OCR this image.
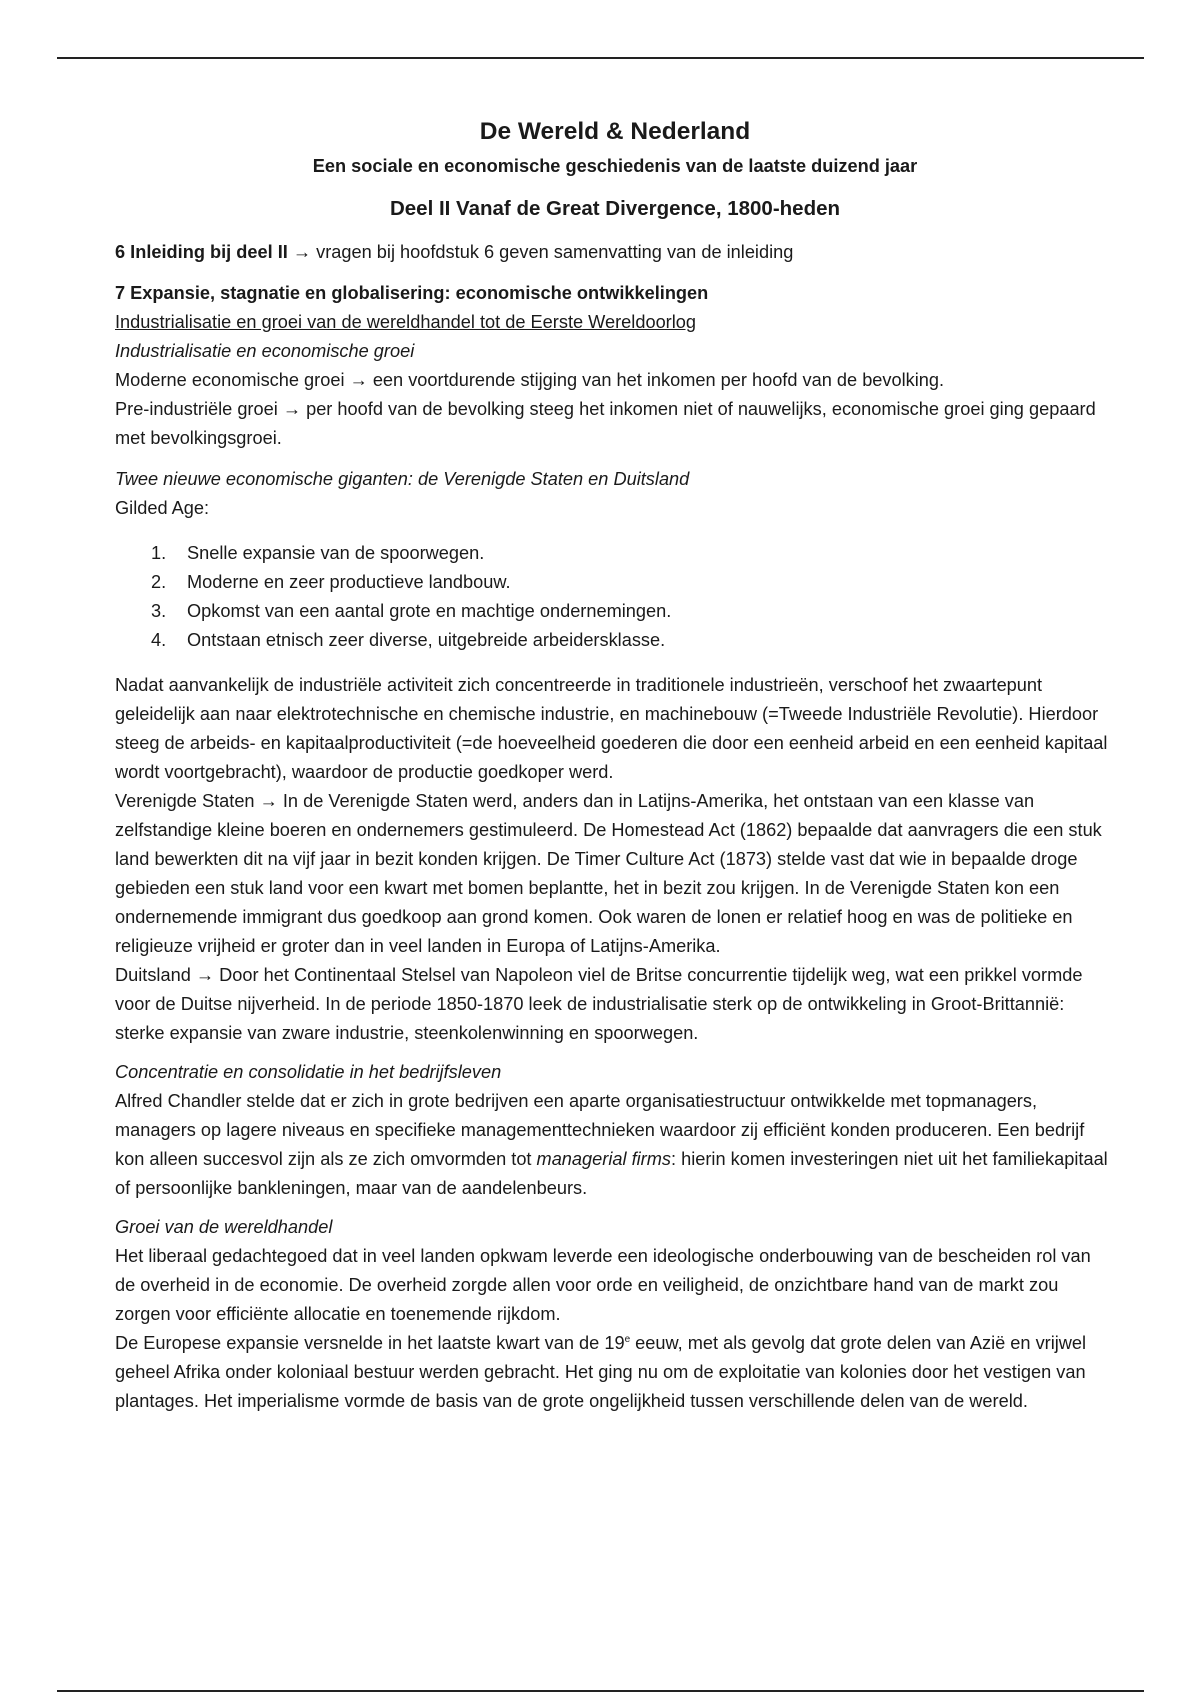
De Wereld & Nederland

Een sociale en economische geschiedenis van de laatste duizend jaar

Deel II Vanaf de Great Divergence, 1800-heden

6 Inleiding bij deel II → vragen bij hoofdstuk 6 geven samenvatting van de inleiding

7 Expansie, stagnatie en globalisering: economische ontwikkelingen

Industrialisatie en groei van de wereldhandel tot de Eerste Wereldoorlog

Industrialisatie en economische groei

Moderne economische groei → een voortdurende stijging van het inkomen per hoofd van de bevolking.

Pre-industriële groei → per hoofd van de bevolking steeg het inkomen niet of nauwelijks, economische groei ging gepaard met bevolkingsgroei.

Twee nieuwe economische giganten: de Verenigde Staten en Duitsland

Gilded Age:

1. Snelle expansie van de spoorwegen.
2. Moderne en zeer productieve landbouw.
3. Opkomst van een aantal grote en machtige ondernemingen.
4. Ontstaan etnisch zeer diverse, uitgebreide arbeidersklasse.

Nadat aanvankelijk de industriële activiteit zich concentreerde in traditionele industrieën, verschoof het zwaartepunt geleidelijk aan naar elektrotechnische en chemische industrie, en machinebouw (=Tweede Industriële Revolutie). Hierdoor steeg de arbeids- en kapitaalproductiviteit (=de hoeveelheid goederen die door een eenheid arbeid en een eenheid kapitaal wordt voortgebracht), waardoor de productie goedkoper werd.

Verenigde Staten → In de Verenigde Staten werd, anders dan in Latijns-Amerika, het ontstaan van een klasse van zelfstandige kleine boeren en ondernemers gestimuleerd. De Homestead Act (1862) bepaalde dat aanvragers die een stuk land bewerkten dit na vijf jaar in bezit konden krijgen. De Timer Culture Act (1873) stelde vast dat wie in bepaalde droge gebieden een stuk land voor een kwart met bomen beplantte, het in bezit zou krijgen. In de Verenigde Staten kon een ondernemende immigrant dus goedkoop aan grond komen. Ook waren de lonen er relatief hoog en was de politieke en religieuze vrijheid er groter dan in veel landen in Europa of Latijns-Amerika.

Duitsland → Door het Continentaal Stelsel van Napoleon viel de Britse concurrentie tijdelijk weg, wat een prikkel vormde voor de Duitse nijverheid. In de periode 1850-1870 leek de industrialisatie sterk op de ontwikkeling in Groot-Brittannië: sterke expansie van zware industrie, steenkolenwinning en spoorwegen.

Concentratie en consolidatie in het bedrijfsleven

Alfred Chandler stelde dat er zich in grote bedrijven een aparte organisatiestructuur ontwikkelde met topmanagers, managers op lagere niveaus en specifieke managementtechnieken waardoor zij efficiënt konden produceren. Een bedrijf kon alleen succesvol zijn als ze zich omvormden tot managerial firms: hierin komen investeringen niet uit het familiekapitaal of persoonlijke bankleningen, maar van de aandelenbeurs.

Groei van de wereldhandel

Het liberaal gedachtegoed dat in veel landen opkwam leverde een ideologische onderbouwing van de bescheiden rol van de overheid in de economie. De overheid zorgde allen voor orde en veiligheid, de onzichtbare hand van de markt zou zorgen voor efficiënte allocatie en toenemende rijkdom.

De Europese expansie versnelde in het laatste kwart van de 19e eeuw, met als gevolg dat grote delen van Azië en vrijwel geheel Afrika onder koloniaal bestuur werden gebracht. Het ging nu om de exploitatie van kolonies door het vestigen van plantages. Het imperialisme vormde de basis van de grote ongelijkheid tussen verschillende delen van de wereld.
